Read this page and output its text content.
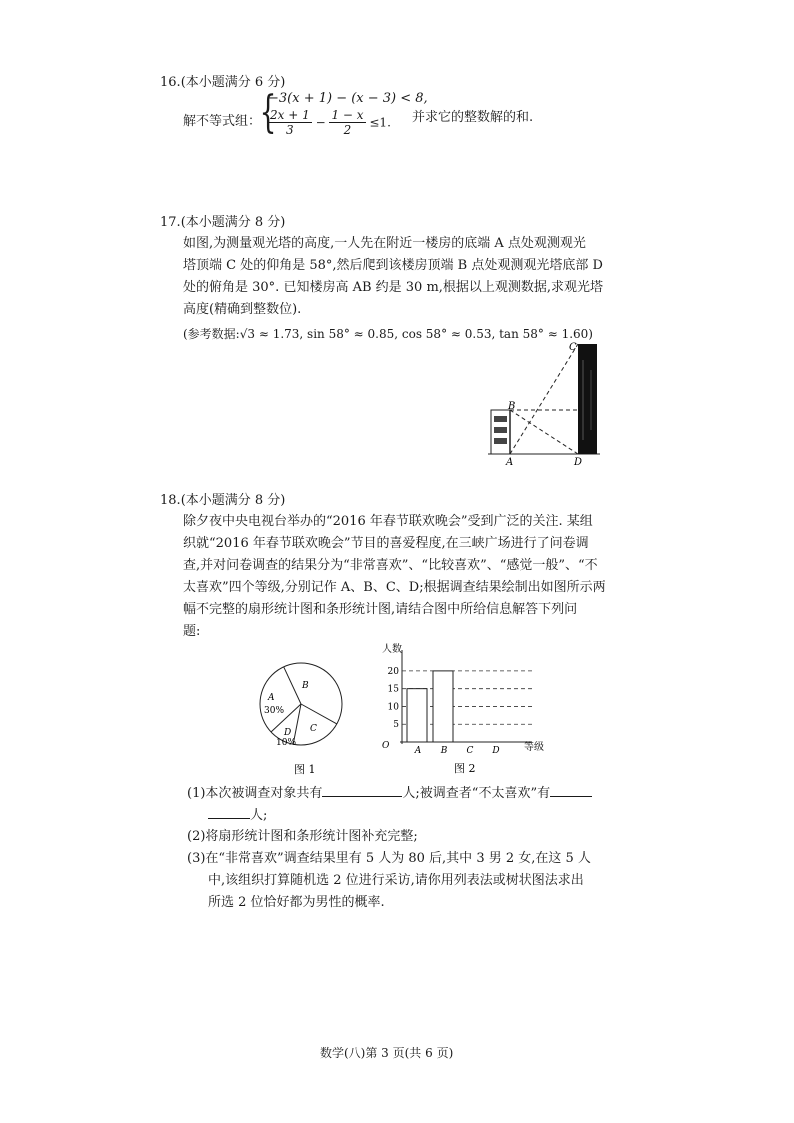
16.(本小题满分 6 分)
解不等式组：
{
−3(x + 1) − (x − 3) < 8,
$\frac{2x + 1}{3} - \frac{1 - x}{2} \le 1$. 并求它的整数解的和.
17.(本小题满分 8 分)
如图,为测量观光塔的高度,一人先在附近一楼房的底端 A 点处观测观光
塔顶端 C 处的仰角是 58°,然后爬到该楼房顶端 B 点处观测观光塔底部 D
处的俯角是 30°. 已知楼房高 AB 约是 30 m,根据以上观测数据,求观光塔
高度(精确到整数位).
(参考数据:√3 ≈ 1.73, sin 58° ≈ 0.85, cos 58° ≈ 0.53, tan 58° ≈ 1.60)
B
A
C
D
18.(本小题满分 8 分)
除夕夜中央电视台举办的“2016 年春节联欢晚会”受到广泛的关注. 某组
织就“2016 年春节联欢晚会”节目的喜爱程度,在三峡广场进行了问卷调
查,并对问卷调查的结果分为“非常喜欢”、“比较喜欢”、“感觉一般”、“不
太喜欢”四个等级,分别记作 A、B、C、D;根据调查结果绘制出如图所示两
幅不完整的扇形统计图和条形统计图,请结合图中所给信息解答下列问
题:
A
30%
B
C
D
10%
图 1
5
10
15
20
A B C D
人数
等级
O
图 2
(1)本次被调查对象共有	人;被调查者“不太喜欢”有
人;
(2)将扇形统计图和条形统计图补充完整;
(3)在“非常喜欢”调查结果里有 5 人为 80 后,其中 3 男 2 女,在这 5 人
中,该组织打算随机选 2 位进行采访,请你用列表法或树状图法求出
所选 2 位恰好都为男性的概率.
数学(八)第 3 页(共 6 页)
